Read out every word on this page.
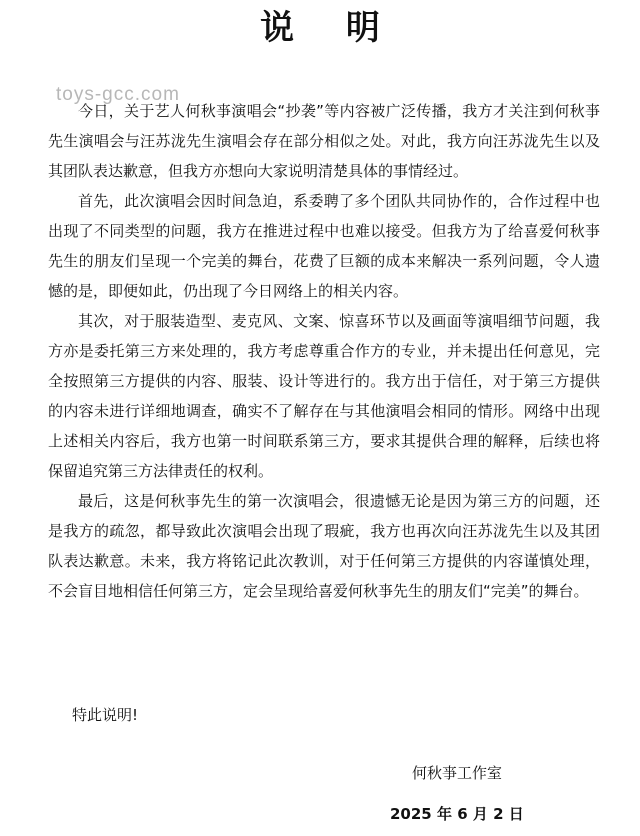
说 明
toys-gcc.com

今日，关于艺人何秋亊演唱会“抄袭”等内容被广泛传播，我方才关注到何秋亊先生演唱会与汪苏泷先生演唱会存在部分相似之处。对此，我方向汪苏泷先生以及其团队表达歉意，但我方亦想向大家说明清楚具体的事情经过。

首先，此次演唱会因时间急迫，系委聘了多个团队共同协作的，合作过程中也出现了不同类型的问题，我方在推进过程中也难以接受。但我方为了给喜爱何秋亊先生的朋友们呈现一个完美的舞台，花费了巨额的成本来解决一系列问题，令人遗憾的是，即便如此，仍出现了今日网络上的相关内容。

其次，对于服装造型、麦克风、文案、惊喜环节以及画面等演唱细节问题，我方亦是委托第三方来处理的，我方考虑尊重合作方的专业，并未提出任何意见，完全按照第三方提供的内容、服装、设计等进行的。我方出于信任，对于第三方提供的内容未进行详细地调查，确实不了解存在与其他演唱会相同的情形。网络中出现上述相关内容后，我方也第一时间联系第三方，要求其提供合理的解释，后续也将保留追究第三方法律责任的权利。

最后，这是何秋亊先生的第一次演唱会，很遗憾无论是因为第三方的问题，还是我方的疏忽，都导致此次演唱会出现了瑕疵，我方也再次向汪苏泷先生以及其团队表达歉意。未来，我方将铭记此次教训，对于任何第三方提供的内容谨慎处理，不会盲目地相信任何第三方，定会呈现给喜爱何秋亊先生的朋友们“完美”的舞台。

特此说明!
何秋亊工作室
2025 年 6 月 2 日
